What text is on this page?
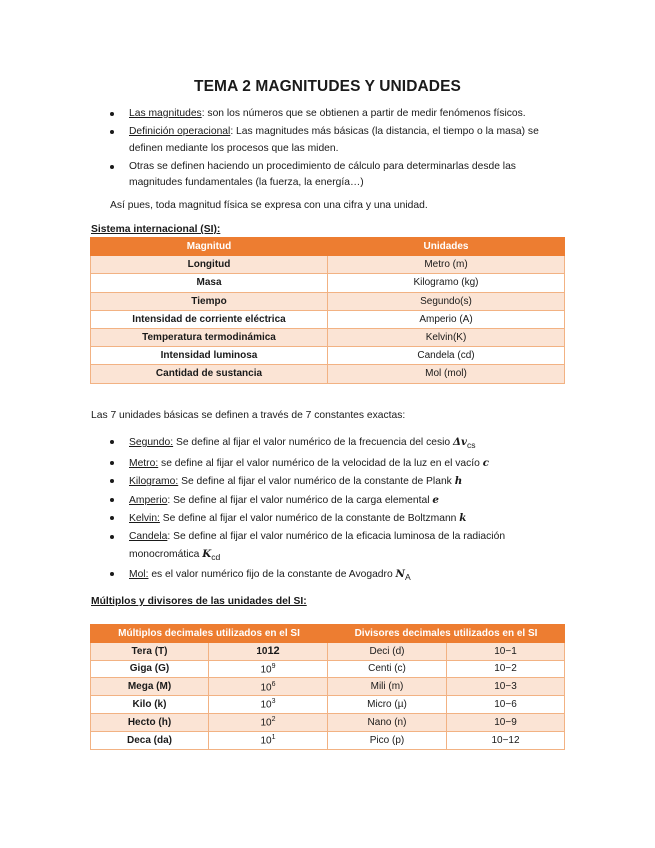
TEMA 2 MAGNITUDES Y UNIDADES
Las magnitudes: son los números que se obtienen a partir de medir fenómenos físicos.
Definición operacional: Las magnitudes más básicas (la distancia, el tiempo o la masa) se definen mediante los procesos que las miden.
Otras se definen haciendo un procedimiento de cálculo para determinarlas desde las magnitudes fundamentales (la fuerza, la energía…)
Así pues, toda magnitud física se expresa con una cifra y una unidad.
Sistema internacional (SI):
Magnitud	Unidades
Longitud	Metro (m)
Masa	Kilogramo (kg)
Tiempo	Segundo(s)
Intensidad de corriente eléctrica	Amperio (A)
Temperatura termodinámica	Kelvin(K)
Intensidad luminosa	Candela (cd)
Cantidad de sustancia	Mol (mol)
Las 7 unidades básicas se definen a través de 7 constantes exactas:
Segundo: Se define al fijar el valor numérico de la frecuencia del cesio $\Delta v_{cs}$
Metro: se define al fijar el valor numérico de la velocidad de la luz en el vacío c
Kilogramo: Se define al fijar el valor numérico de la constante de Plank h
Amperio: Se define al fijar el valor numérico de la carga elemental e
Kelvin: Se define al fijar el valor numérico de la constante de Boltzmann k
Candela: Se define al fijar el valor numérico de la eficacia luminosa de la radiación monocromática $K_{cd}$
Mol: es el valor numérico fijo de la constante de Avogadro $N_A$
Múltiplos y divisores de las unidades del SI:
Múltiplos decimales utilizados en el SI		Divisores decimales utilizados en el SI	
Tera (T)	1012	Deci (d)	10−1
Giga (G)	$10^9$	Centi (c)	10−2
Mega (M)	$10^6$	Mili (m)	10−3
Kilo (k)	$10^3$	Micro (µ)	10−6
Hecto (h)	$10^2$	Nano (n)	10−9
Deca (da)	$10^1$	Pico (p)	10−12
